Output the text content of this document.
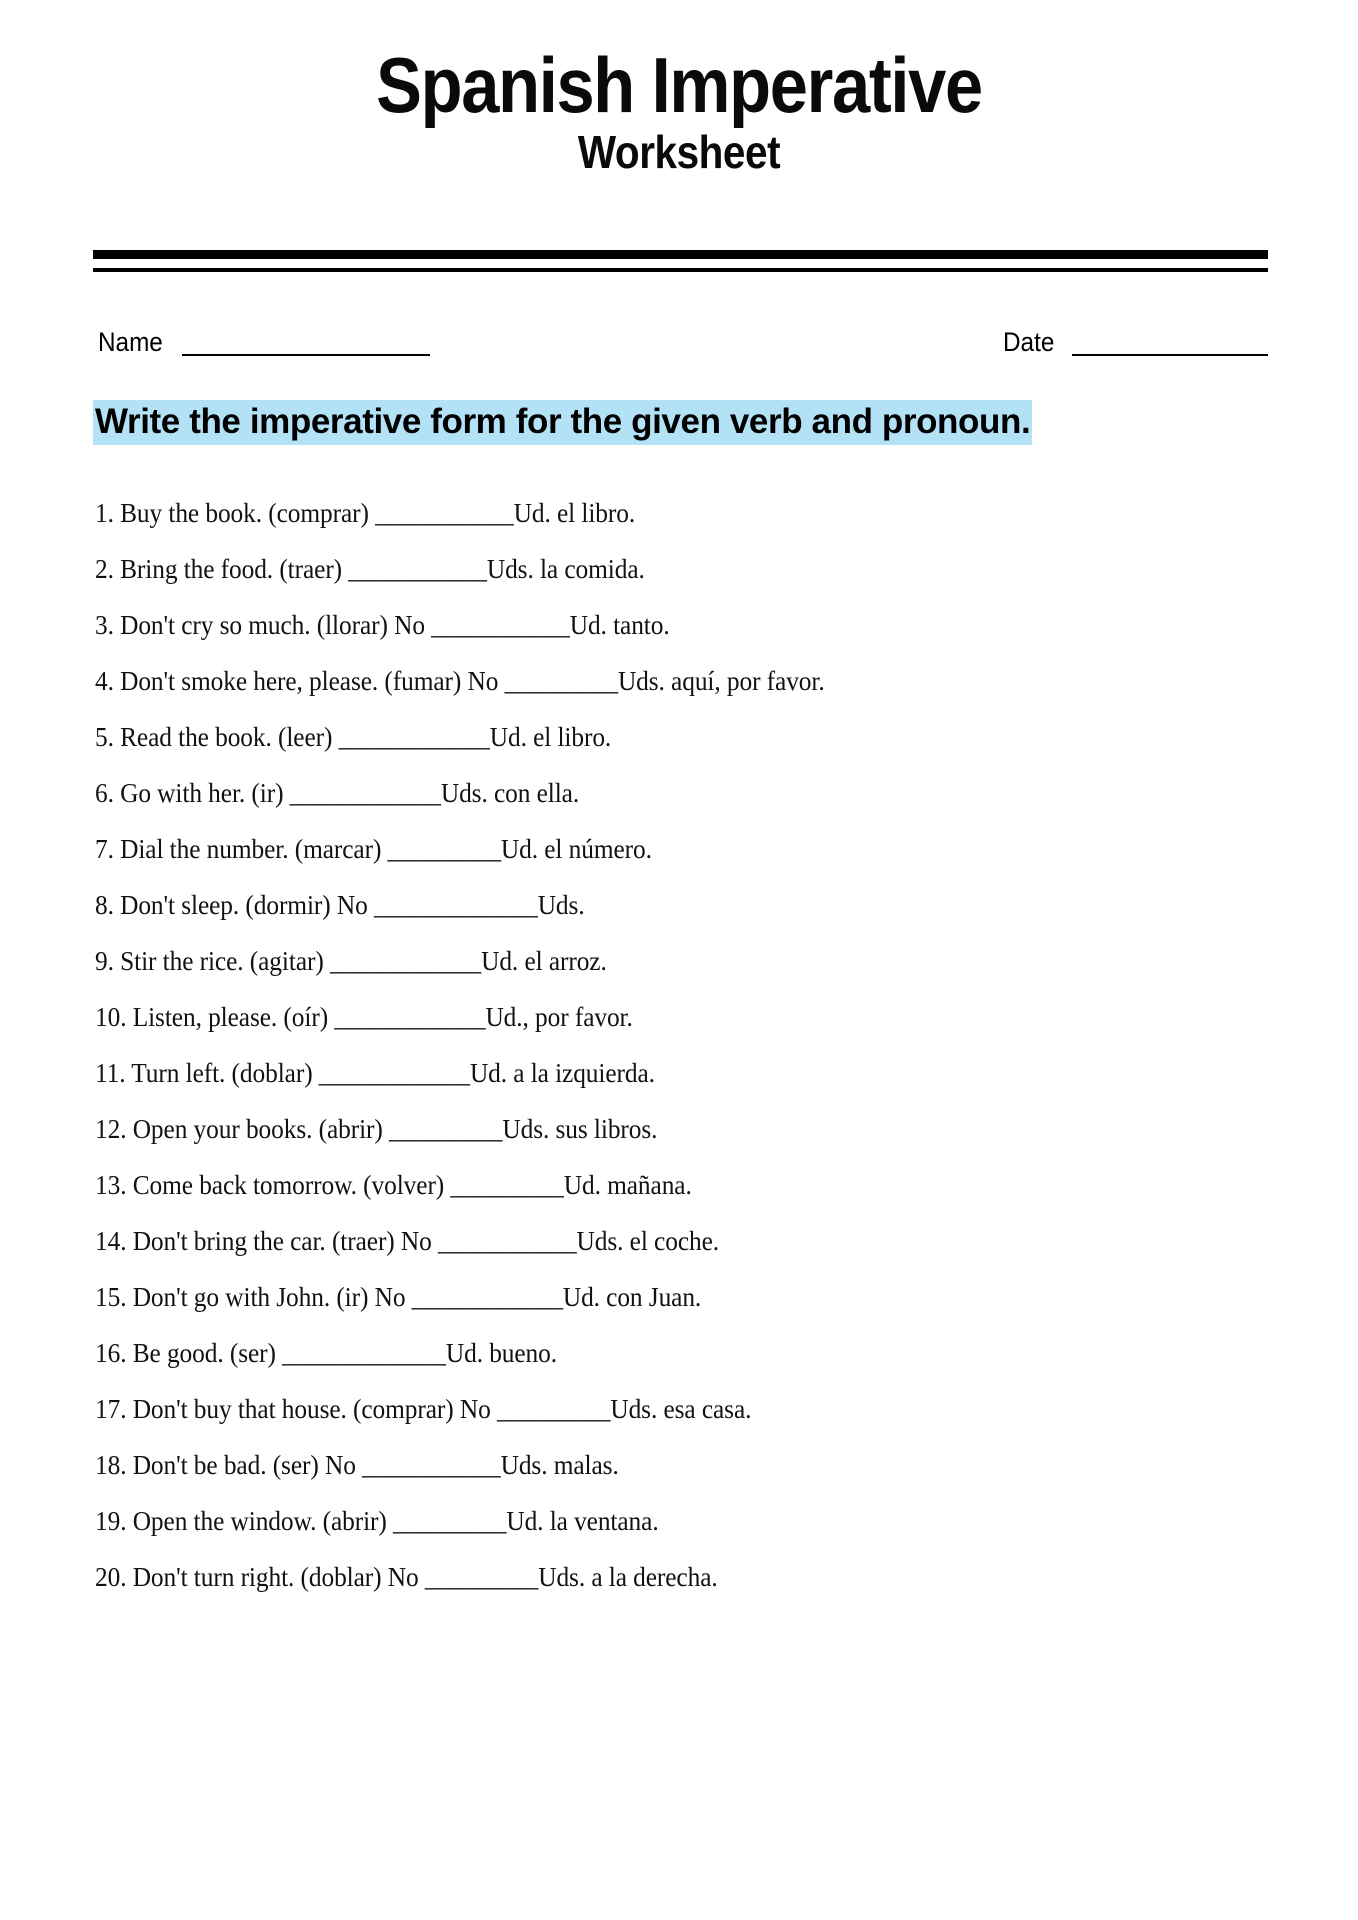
Spanish Imperative
Worksheet
Name	Date
Write the imperative form for the given verb and pronoun.
1. Buy the book. (comprar) ___________Ud. el libro.
2. Bring the food. (traer) ___________Uds. la comida.
3. Don't cry so much. (llorar) No ___________Ud. tanto.
4. Don't smoke here, please. (fumar) No _________Uds. aquí, por favor.
5. Read the book. (leer) ____________Ud. el libro.
6. Go with her. (ir) ____________Uds. con ella.
7. Dial the number. (marcar) _________Ud. el número.
8. Don't sleep. (dormir) No _____________Uds.
9. Stir the rice. (agitar) ____________Ud. el arroz.
10. Listen, please. (oír) ____________Ud., por favor.
11. Turn left. (doblar) ____________Ud. a la izquierda.
12. Open your books. (abrir) _________Uds. sus libros.
13. Come back tomorrow. (volver) _________Ud. mañana.
14. Don't bring the car. (traer) No ___________Uds. el coche.
15. Don't go with John. (ir) No ____________Ud. con Juan.
16. Be good. (ser) _____________Ud. bueno.
17. Don't buy that house. (comprar) No _________Uds. esa casa.
18. Don't be bad. (ser) No ___________Uds. malas.
19. Open the window. (abrir) _________Ud. la ventana.
20. Don't turn right. (doblar) No _________Uds. a la derecha.
